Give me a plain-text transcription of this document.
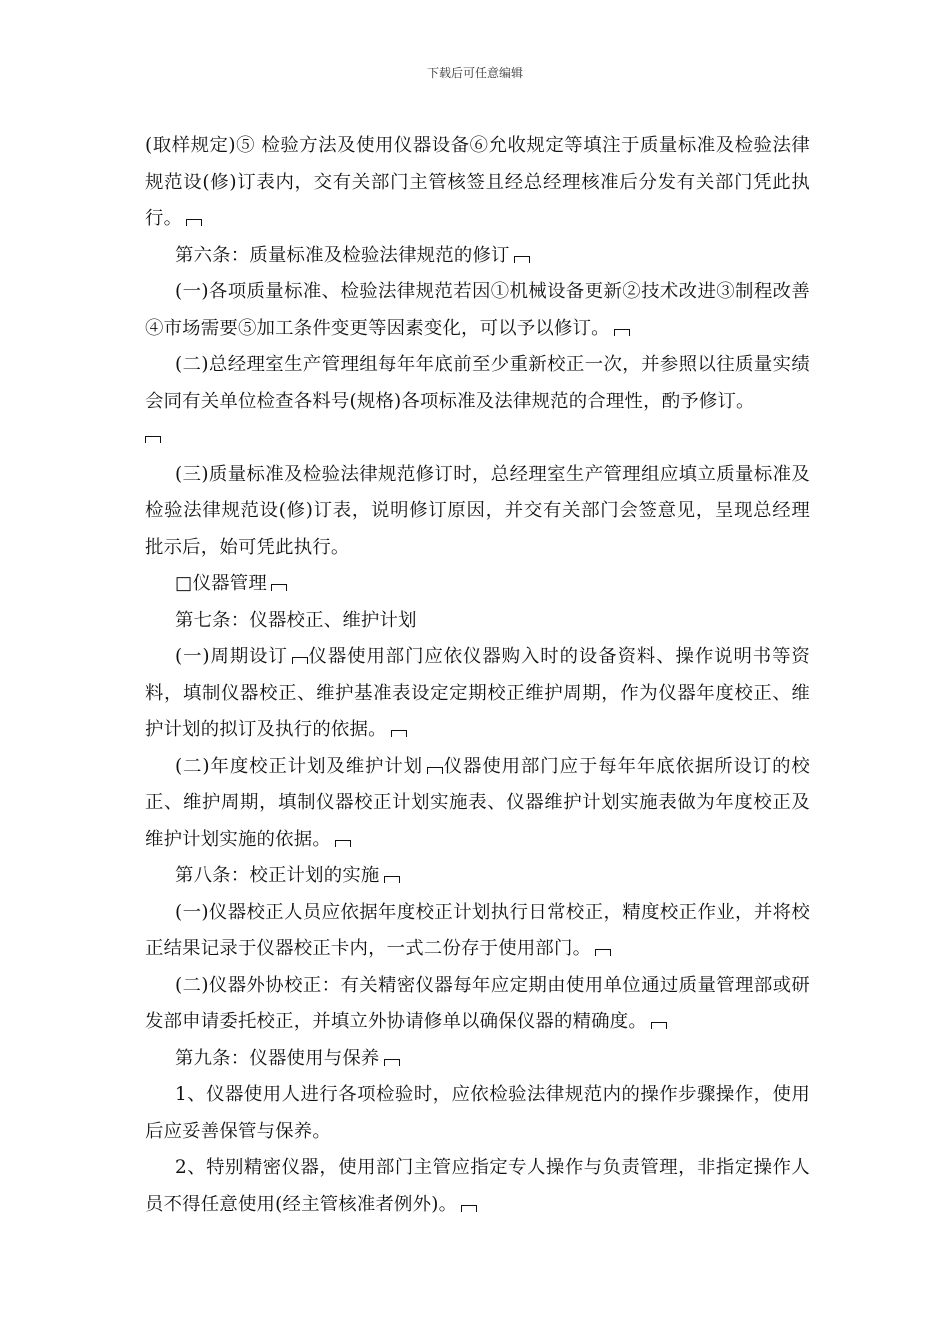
下载后可任意编辑

(取样规定)⑤ 检验方法及使用仪器设备⑥允收规定等填注于质量标准及检验法律规范设(修)订表内，交有关部门主管核签且经总经理核准后分发有关部门凭此执行。

第六条：质量标准及检验法律规范的修订

(一)各项质量标准、检验法律规范若因①机械设备更新②技术改进③制程改善④市场需要⑤加工条件变更等因素变化，可以予以修订。

(二)总经理室生产管理组每年年底前至少重新校正一次，并参照以往质量实绩会同有关单位检查各料号(规格)各项标准及法律规范的合理性，酌予修订。

(三)质量标准及检验法律规范修订时，总经理室生产管理组应填立质量标准及检验法律规范设(修)订表，说明修订原因，并交有关部门会签意见，呈现总经理批示后，始可凭此执行。

□仪器管理

第七条：仪器校正、维护计划

(一)周期设订 仪器使用部门应依仪器购入时的设备资料、操作说明书等资料，填制仪器校正、维护基准表设定定期校正维护周期，作为仪器年度校正、维护计划的拟订及执行的依据。

(二)年度校正计划及维护计划 仪器使用部门应于每年年底依据所设订的校正、维护周期，填制仪器校正计划实施表、仪器维护计划实施表做为年度校正及维护计划实施的依据。

第八条：校正计划的实施

(一)仪器校正人员应依据年度校正计划执行日常校正，精度校正作业，并将校正结果记录于仪器校正卡内，一式二份存于使用部门。

(二)仪器外协校正：有关精密仪器每年应定期由使用单位通过质量管理部或研发部申请委托校正，并填立外协请修单以确保仪器的精确度。

第九条：仪器使用与保养

1、仪器使用人进行各项检验时，应依检验法律规范内的操作步骤操作，使用后应妥善保管与保养。

2、特别精密仪器，使用部门主管应指定专人操作与负责管理，非指定操作人员不得任意使用(经主管核准者例外)。
